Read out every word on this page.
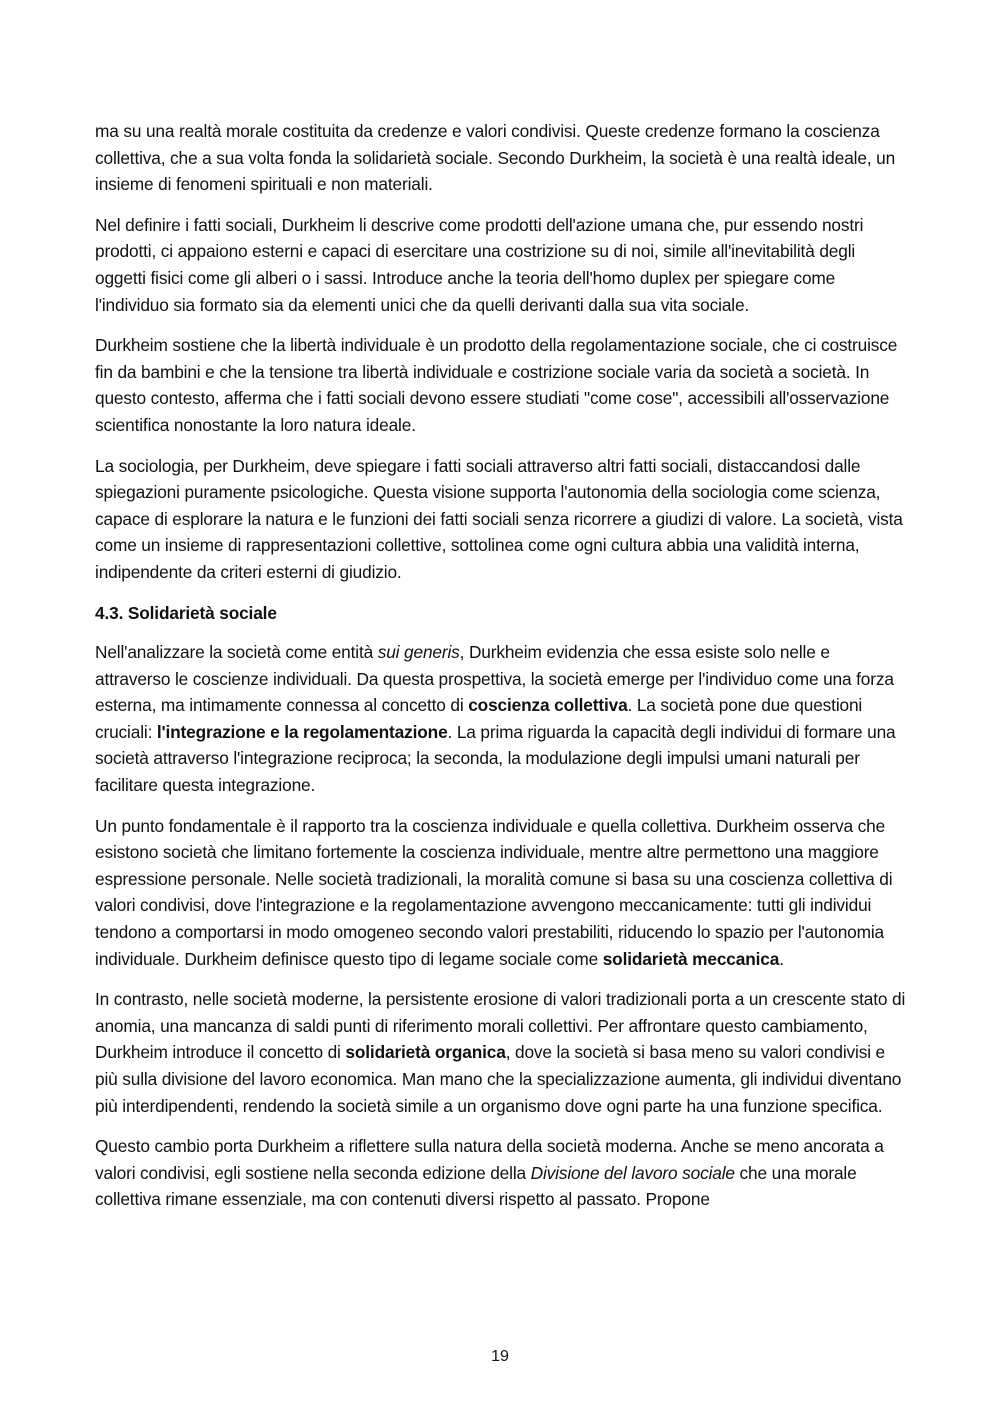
ma su una realtà morale costituita da credenze e valori condivisi. Queste credenze formano la coscienza collettiva, che a sua volta fonda la solidarietà sociale. Secondo Durkheim, la società è una realtà ideale, un insieme di fenomeni spirituali e non materiali.

Nel definire i fatti sociali, Durkheim li descrive come prodotti dell'azione umana che, pur essendo nostri prodotti, ci appaiono esterni e capaci di esercitare una costrizione su di noi, simile all'inevitabilità degli oggetti fisici come gli alberi o i sassi. Introduce anche la teoria dell'homo duplex per spiegare come l'individuo sia formato sia da elementi unici che da quelli derivanti dalla sua vita sociale.

Durkheim sostiene che la libertà individuale è un prodotto della regolamentazione sociale, che ci costruisce fin da bambini e che la tensione tra libertà individuale e costrizione sociale varia da società a società. In questo contesto, afferma che i fatti sociali devono essere studiati "come cose", accessibili all'osservazione scientifica nonostante la loro natura ideale.

La sociologia, per Durkheim, deve spiegare i fatti sociali attraverso altri fatti sociali, distaccandosi dalle spiegazioni puramente psicologiche. Questa visione supporta l'autonomia della sociologia come scienza, capace di esplorare la natura e le funzioni dei fatti sociali senza ricorrere a giudizi di valore. La società, vista come un insieme di rappresentazioni collettive, sottolinea come ogni cultura abbia una validità interna, indipendente da criteri esterni di giudizio.

4.3. Solidarietà sociale

Nell'analizzare la società come entità sui generis, Durkheim evidenzia che essa esiste solo nelle e attraverso le coscienze individuali. Da questa prospettiva, la società emerge per l'individuo come una forza esterna, ma intimamente connessa al concetto di coscienza collettiva. La società pone due questioni cruciali: l'integrazione e la regolamentazione. La prima riguarda la capacità degli individui di formare una società attraverso l'integrazione reciproca; la seconda, la modulazione degli impulsi umani naturali per facilitare questa integrazione.

Un punto fondamentale è il rapporto tra la coscienza individuale e quella collettiva. Durkheim osserva che esistono società che limitano fortemente la coscienza individuale, mentre altre permettono una maggiore espressione personale. Nelle società tradizionali, la moralità comune si basa su una coscienza collettiva di valori condivisi, dove l'integrazione e la regolamentazione avvengono meccanicamente: tutti gli individui tendono a comportarsi in modo omogeneo secondo valori prestabiliti, riducendo lo spazio per l'autonomia individuale. Durkheim definisce questo tipo di legame sociale come solidarietà meccanica.

In contrasto, nelle società moderne, la persistente erosione di valori tradizionali porta a un crescente stato di anomia, una mancanza di saldi punti di riferimento morali collettivi. Per affrontare questo cambiamento, Durkheim introduce il concetto di solidarietà organica, dove la società si basa meno su valori condivisi e più sulla divisione del lavoro economica. Man mano che la specializzazione aumenta, gli individui diventano più interdipendenti, rendendo la società simile a un organismo dove ogni parte ha una funzione specifica.

Questo cambio porta Durkheim a riflettere sulla natura della società moderna. Anche se meno ancorata a valori condivisi, egli sostiene nella seconda edizione della Divisione del lavoro sociale che una morale collettiva rimane essenziale, ma con contenuti diversi rispetto al passato. Propone

19
